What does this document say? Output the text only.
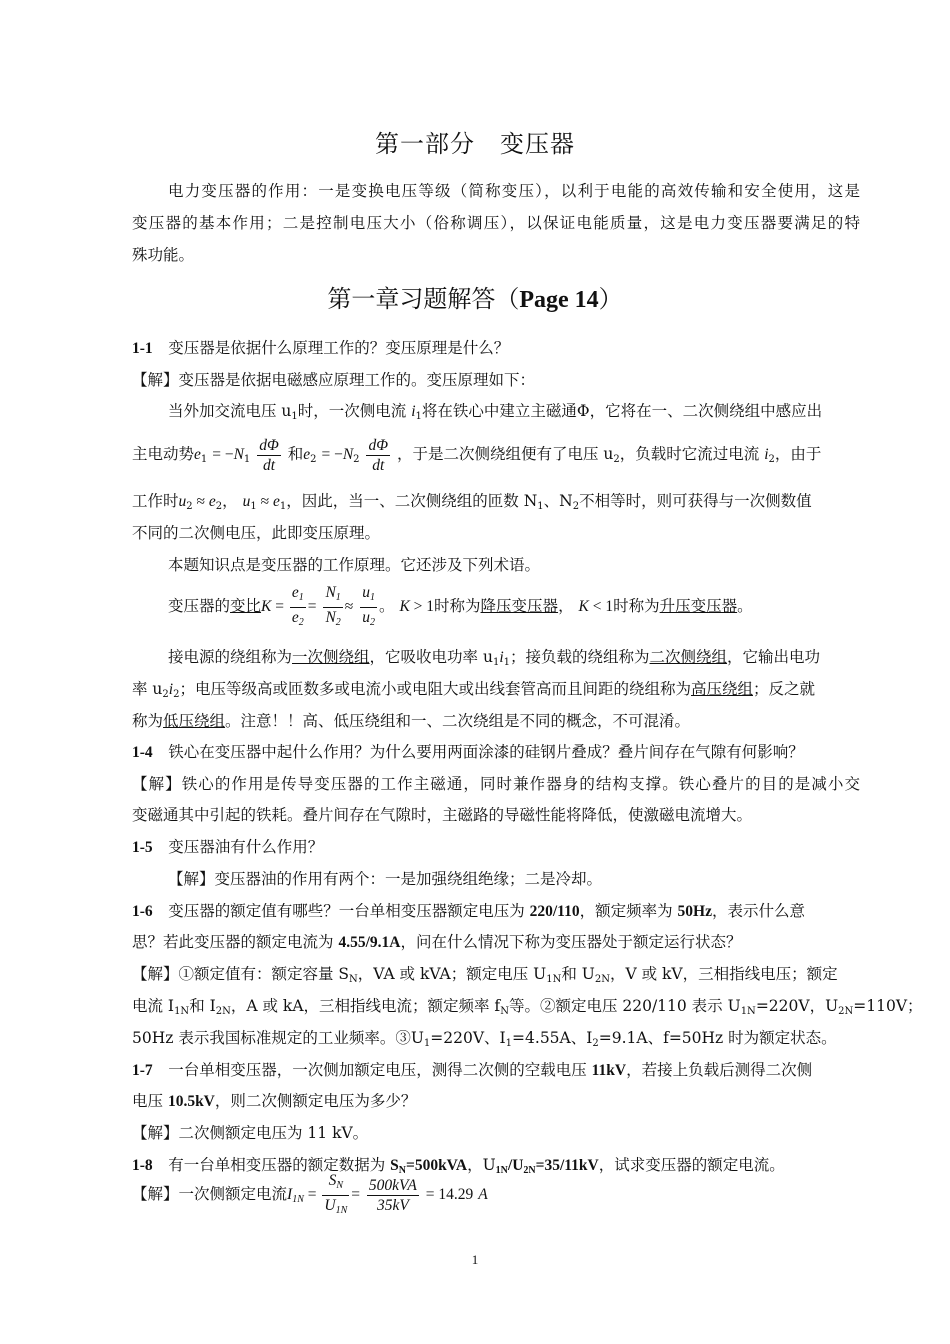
第一部分　变压器
电力变压器的作用：一是变换电压等级（简称变压），以利于电能的高效传输和安全使用，这是
变压器的基本作用；二是控制电压大小（俗称调压），以保证电能质量，这是电力变压器要满足的特
殊功能。
第一章习题解答（Page 14）
1-1　 变压器是依据什么原理工作的？变压原理是什么？
【解】变压器是依据电磁感应原理工作的。变压原理如下：
当外加交流电压 $u_1$时，一次侧电流 $i_1$将在铁心中建立主磁通Φ，它将在一、二次侧绕组中感应出
主电动势$e_1 = -N_1 \frac{d\Phi}{dt}$ 和$e_2 = -N_2 \frac{d\Phi}{dt}$ ，于是二次侧绕组便有了电压 $u_2$，负载时它流过电流 $i_2$，由于
工作时$u_2 \approx e_2$， $u_1 \approx e_1$，因此，当一、二次侧绕组的匝数 $N_1$、$N_2$不相等时，则可获得与一次侧数值
不同的二次侧电压，此即变压原理。
本题知识点是变压器的工作原理。它还涉及下列术语。
变压器的变比$K = \frac{e_1}{e_2} = \frac{N_1}{N_2} \approx \frac{u_1}{u_2}$ 。 K > 1时称为降压变压器， K < 1时称为升压变压器。
接电源的绕组称为一次侧绕组，它吸收电功率 $u_1i_1$；接负载的绕组称为二次侧绕组，它输出电功
率 $u_2i_2$；电压等级高或匝数多或电流小或电阻大或出线套管高而且间距的绕组称为高压绕组；反之就
称为低压绕组。注意！！高、低压绕组和一、二次绕组是不同的概念，不可混淆。
1-4　 铁心在变压器中起什么作用？为什么要用两面涂漆的硅钢片叠成？叠片间存在气隙有何影响？
【解】铁心的作用是传导变压器的工作主磁通，同时兼作器身的结构支撑。铁心叠片的目的是减小交
变磁通其中引起的铁耗。叠片间存在气隙时，主磁路的导磁性能将降低，使激磁电流增大。
1-5　 变压器油有什么作用？
【解】变压器油的作用有两个：一是加强绕组绝缘；二是冷却。
1-6　 变压器的额定值有哪些？一台单相变压器额定电压为 220/110，额定频率为 50Hz，表示什么意
思？若此变压器的额定电流为 4.55/9.1A，问在什么情况下称为变压器处于额定运行状态？
【解】①额定值有：额定容量 $S_N$，VA 或 kVA；额定电压 $U_{1N}$和 $U_{2N}$，V 或 kV，三相指线电压；额定
电流 $I_{1N}$和 $I_{2N}$，A 或 kA，三相指线电流；额定频率 $f_N$等。②额定电压 220/110 表示 $U_{1N}=220V$，$U_{2N}=110V$；
50Hz 表示我国标准规定的工业频率。$③U_1=220V$、$I_1=4.55A$、$I_2=9.1A$、f=50Hz 时为额定状态。
1-7　 一台单相变压器，一次侧加额定电压，测得二次侧的空载电压 11kV，若接上负载后测得二次侧
电压 10.5kV，则二次侧额定电压为多少？
【解】二次侧额定电压为 11 kV。
1-8　 有一台单相变压器的额定数据为 $S_N=500kVA$，$U_{1N}/U_{2N}=35/11kV$，试求变压器的额定电流。
【解】一次侧额定电流$I_{1N} = \frac{S_N}{U_{1N}} = \frac{\text{500kVA}}{35kV} = 14.29$ A
1
